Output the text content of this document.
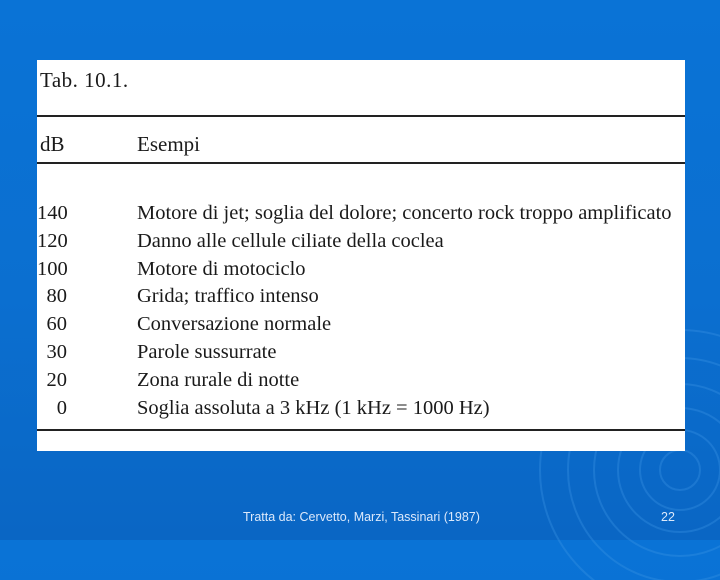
Tab. 10.1.
dB	Esempi
140	Motore di jet; soglia del dolore; concerto rock troppo amplificato
120	Danno alle cellule ciliate della coclea
100	Motore di motociclo
80	Grida; traffico intenso
60	Conversazione normale
30	Parole sussurrate
20	Zona rurale di notte
0	Soglia assoluta a 3 kHz (1 kHz = 1000 Hz)
Tratta da: Cervetto, Marzi, Tassinari (1987)	22
